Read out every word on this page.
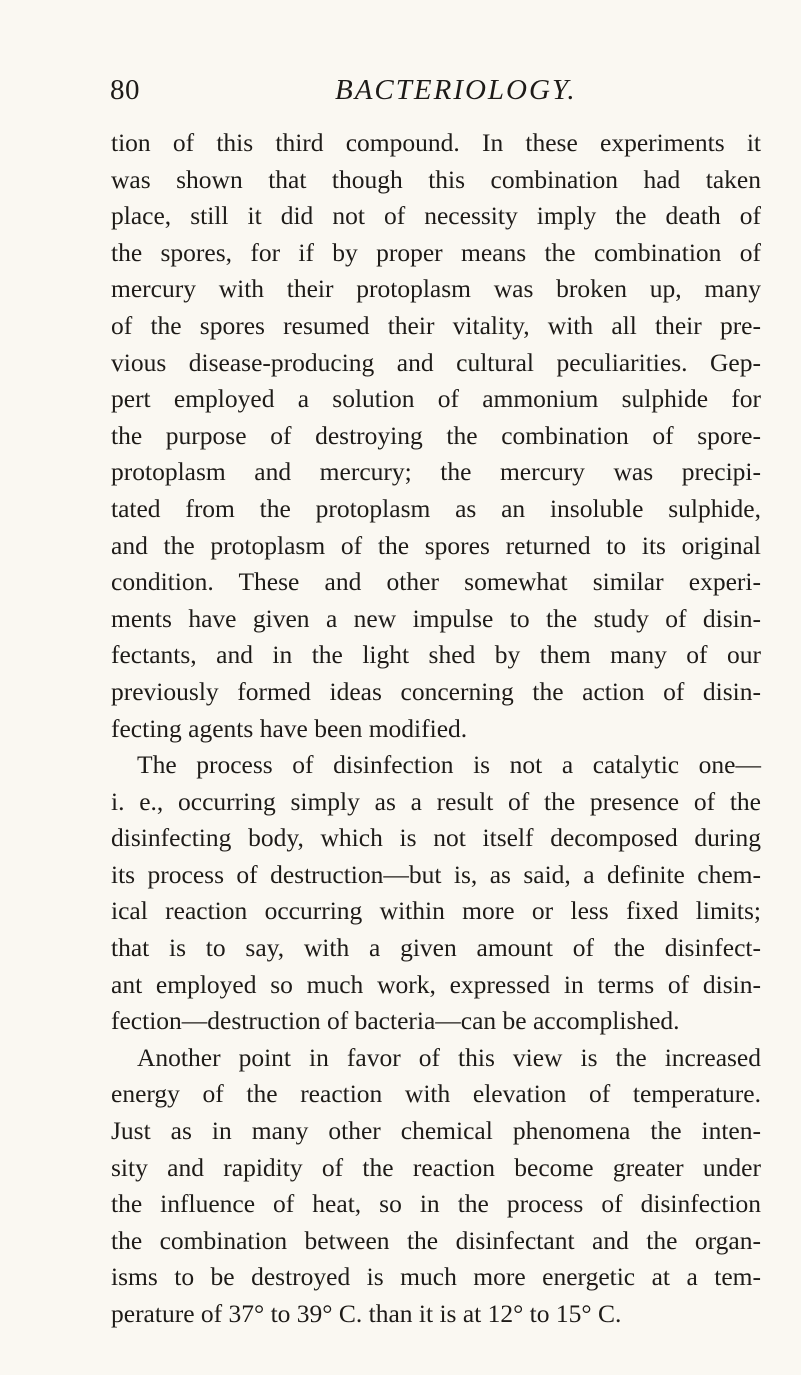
80	BACTERIOLOGY.
tion of this third compound. In these experiments it
was shown that though this combination had taken
place, still it did not of necessity imply the death of
the spores, for if by proper means the combination of
mercury with their protoplasm was broken up, many
of the spores resumed their vitality, with all their pre-
vious disease-producing and cultural peculiarities. Gep-
pert employed a solution of ammonium sulphide for
the purpose of destroying the combination of spore-
protoplasm and mercury; the mercury was precipi-
tated from the protoplasm as an insoluble sulphide,
and the protoplasm of the spores returned to its original
condition. These and other somewhat similar experi-
ments have given a new impulse to the study of disin-
fectants, and in the light shed by them many of our
previously formed ideas concerning the action of disin-
fecting agents have been modified.
The process of disinfection is not a catalytic one—
i. e., occurring simply as a result of the presence of the
disinfecting body, which is not itself decomposed during
its process of destruction—but is, as said, a definite chem-
ical reaction occurring within more or less fixed limits;
that is to say, with a given amount of the disinfect-
ant employed so much work, expressed in terms of disin-
fection—destruction of bacteria—can be accomplished.
Another point in favor of this view is the increased
energy of the reaction with elevation of temperature.
Just as in many other chemical phenomena the inten-
sity and rapidity of the reaction become greater under
the influence of heat, so in the process of disinfection
the combination between the disinfectant and the organ-
isms to be destroyed is much more energetic at a tem-
perature of 37° to 39° C. than it is at 12° to 15° C.
